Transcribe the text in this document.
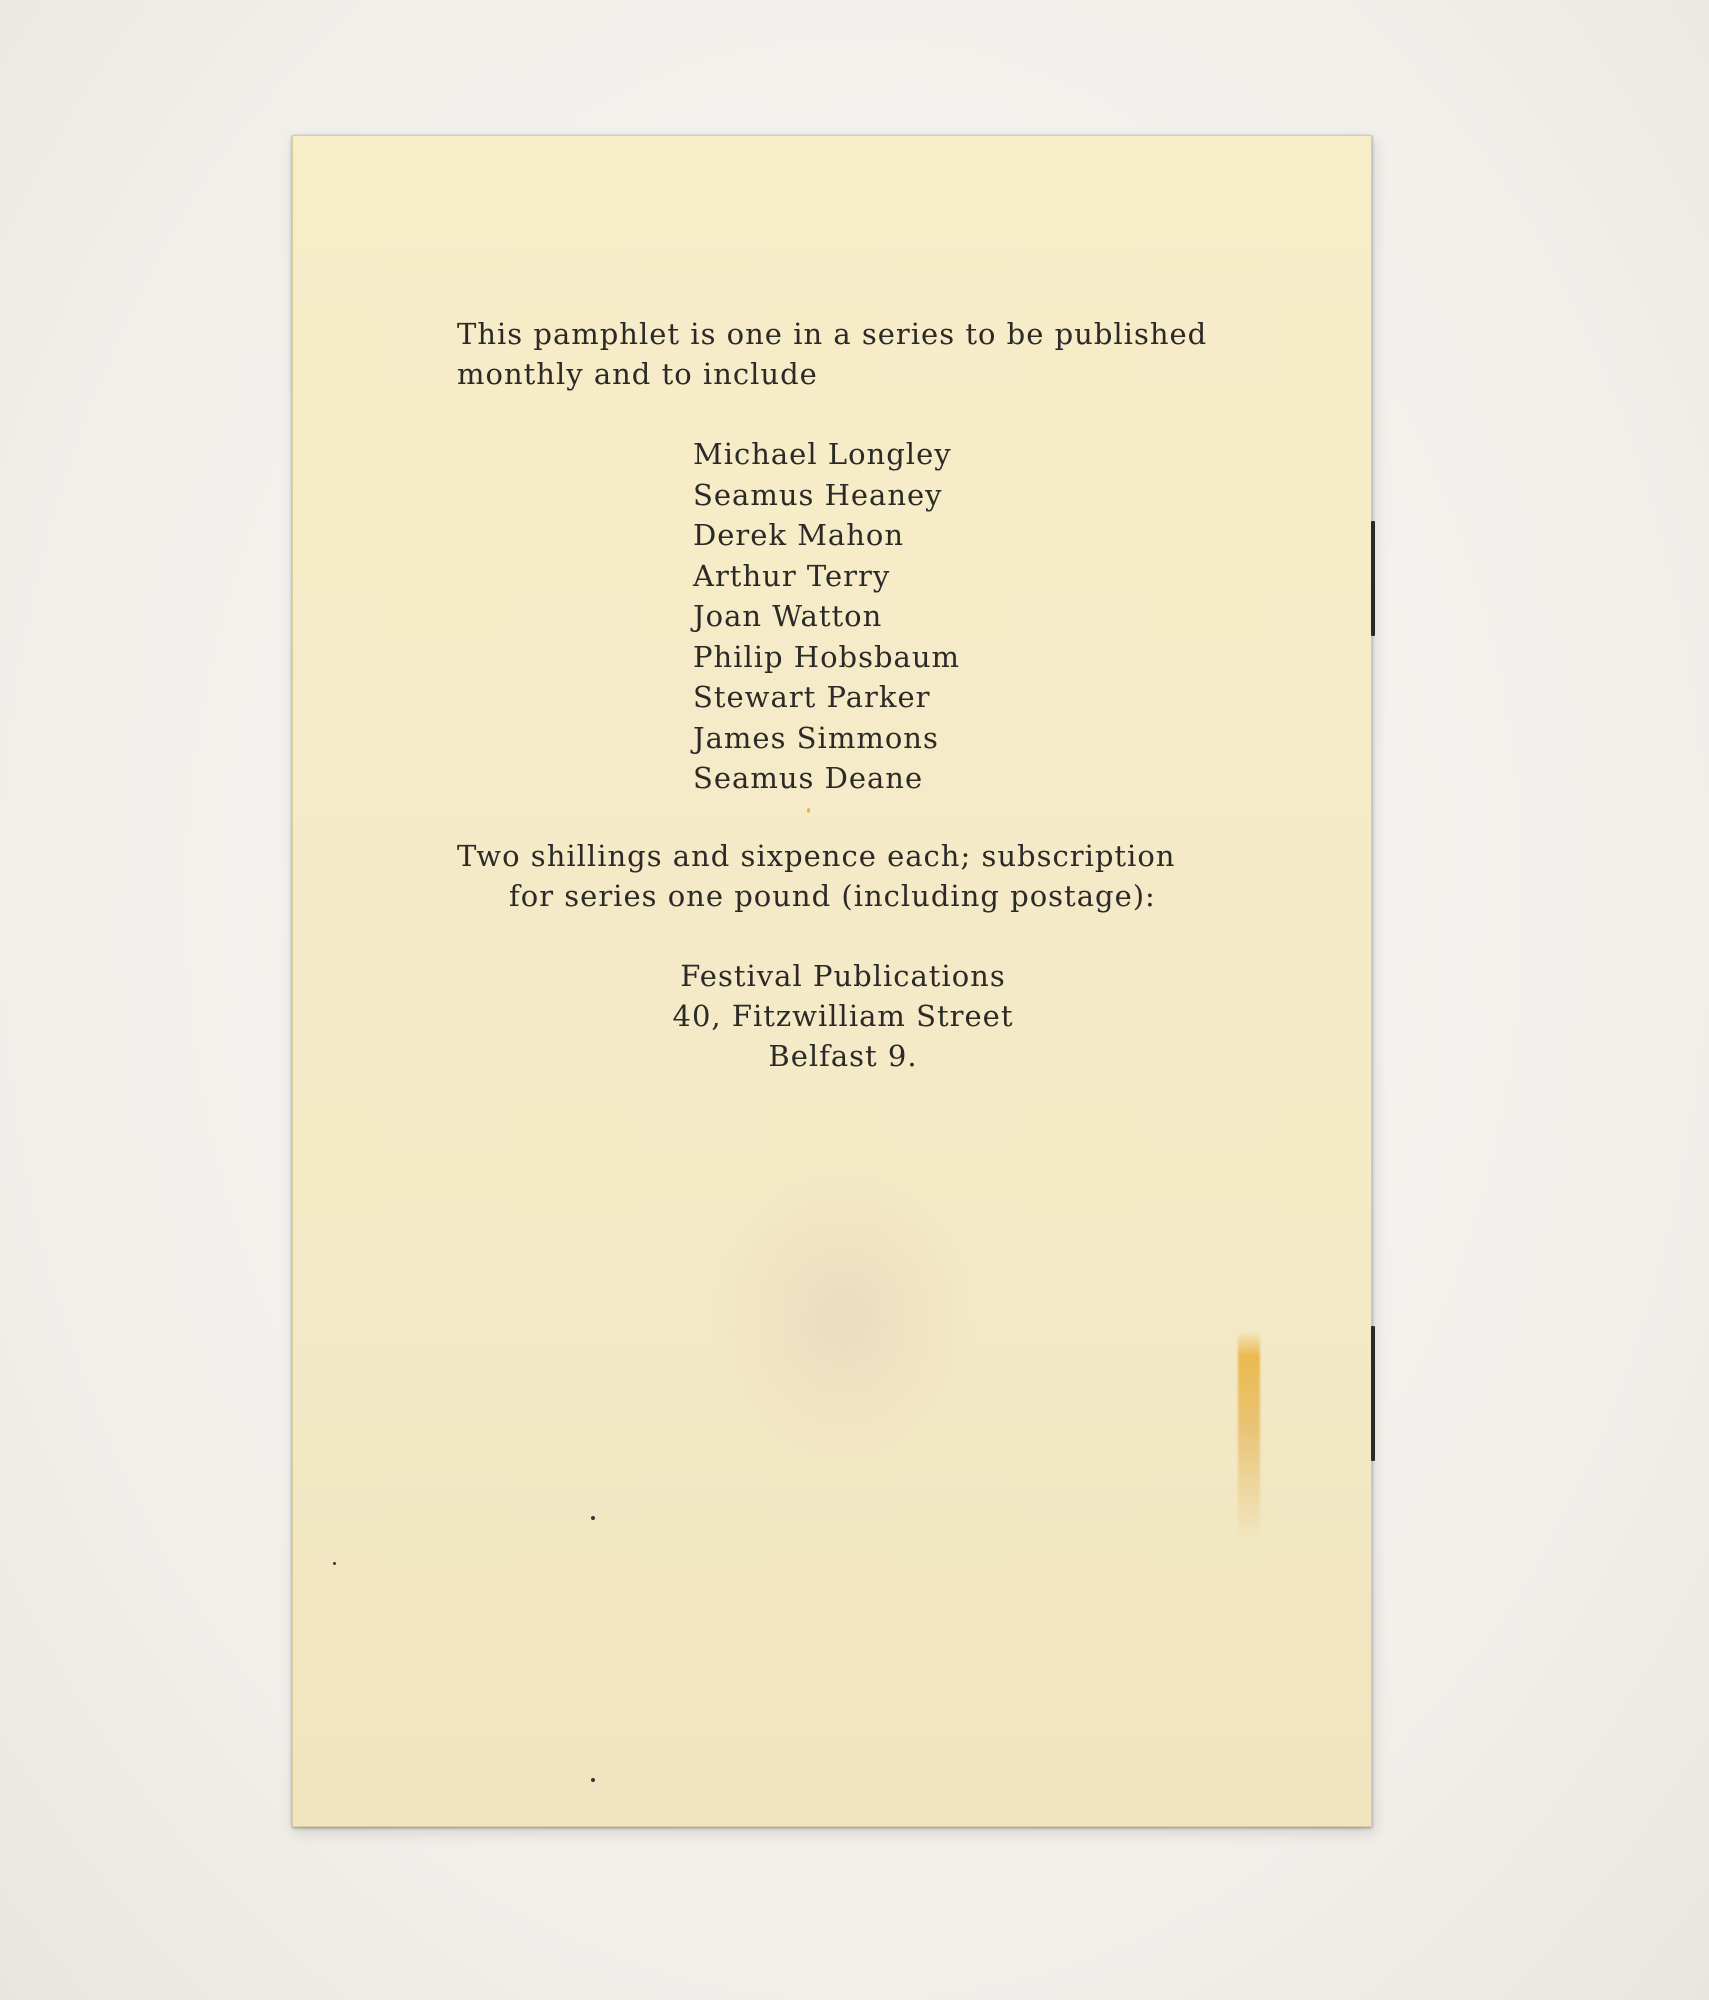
This pamphlet is one in a series to be published
monthly and to include
Michael Longley
Seamus Heaney
Derek Mahon
Arthur Terry
Joan Watton
Philip Hobsbaum
Stewart Parker
James Simmons
Seamus Deane
Two shillings and sixpence each; subscription
for series one pound (including postage):
Festival Publications
40, Fitzwilliam Street
Belfast 9.
